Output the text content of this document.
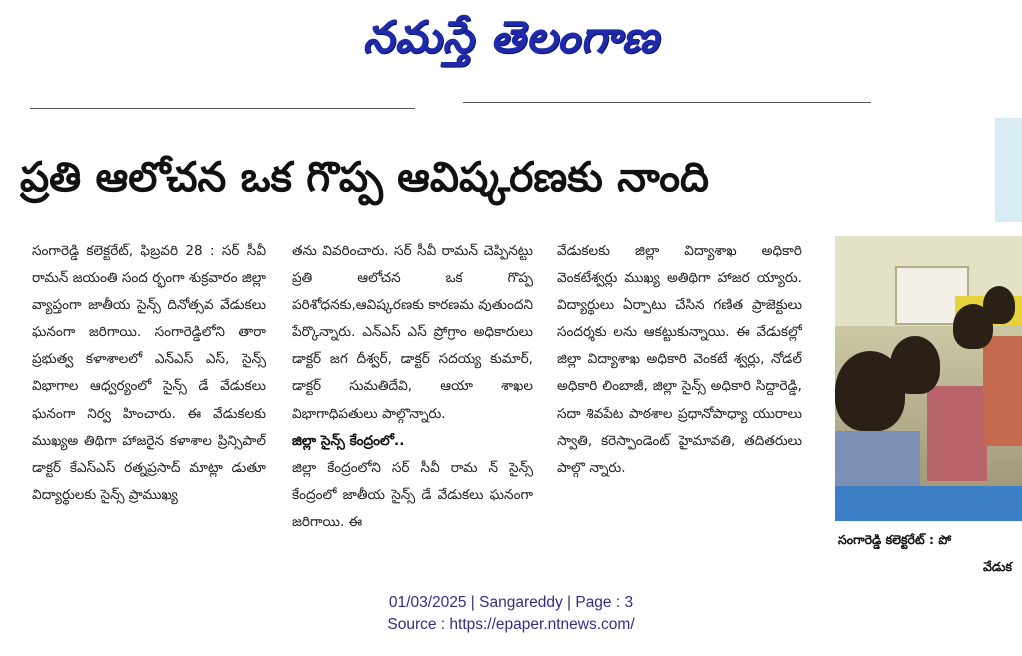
నమస్తే తెలంగాణ
ప్రతి ఆలోచన ఒక గొప్ప ఆవిష్కరణకు నాంది

సంగారెడ్డి కలెక్టరేట్, ఫిబ్రవరి 28 : సర్ సీవీ రామన్ జయంతి సంద ర్భంగా శుక్రవారం జిల్లా వ్యాప్తంగా జాతీయ సైన్స్ దినోత్సవ వేడుకలు ఘనంగా జరిగాయి. సంగారెడ్డిలోని తారా ప్రభుత్వ కళాశాలలో ఎన్ఎస్ ఎస్, సైన్స్ విభాగాల ఆధ్వర్యంలో సైన్స్ డే వేడుకలు ఘనంగా నిర్వ హించారు. ఈ వేడుకలకు ముఖ్యఅ తిథిగా హాజరైన కళాశాల ప్రిన్సిపాల్ డాక్టర్ కేఎస్ఎస్ రత్నప్రసాద్ మాట్లా డుతూ విద్యార్థులకు సైన్స్ ప్రాముఖ్య

తను వివరించారు. సర్ సీవీ రామన్ చెప్పినట్టు ప్రతి ఆలోచన ఒక గొప్ప పరిశోధనకు,ఆవిష్కరణకు కారణమ వుతుందని పేర్కొన్నారు. ఎన్ఎస్ ఎస్ ప్రోగ్రాం అధికారులు డాక్టర్ జగ దీశ్వర్, డాక్టర్ సదయ్య కుమార్, డాక్టర్ సుమతిదేవి, ఆయా శాఖల విభాగాధిపతులు పాల్గొన్నారు.

జిల్లా సైన్స్ కేంద్రంలో..

జిల్లా కేంద్రంలోని సర్ సీవీ రామ న్ సైన్స్ కేంద్రంలో జాతీయ సైన్స్ డే వేడుకలు ఘనంగా జరిగాయి. ఈ

వేడుకలకు జిల్లా విద్యాశాఖ అధికారి వెంకటేశ్వర్లు ముఖ్య అతిథిగా హాజర య్యారు. విద్యార్థులు ఏర్పాటు చేసిన గణిత ప్రాజెక్టులు సందర్శకు లను ఆకట్టుకున్నాయి. ఈ వేడుకల్లో జిల్లా విద్యాశాఖ అధికారి వెంకటే శ్వర్లు, నోడల్ అధికారి లింబాజీ, జిల్లా సైన్స్ అధికారి సిద్దారెడ్డి, సదా శివపేట పాఠశాల ప్రధానోపాధ్యా యురాలు స్వాతి, కరెస్పాండెంట్ హైమావతి, తదితరులు పాల్గొ న్నారు.

సంగారెడ్డి కలెక్టరేట్ : పో
వేడుక
01/03/2025 | Sangareddy | Page : 3
Source : https://epaper.ntnews.com/
